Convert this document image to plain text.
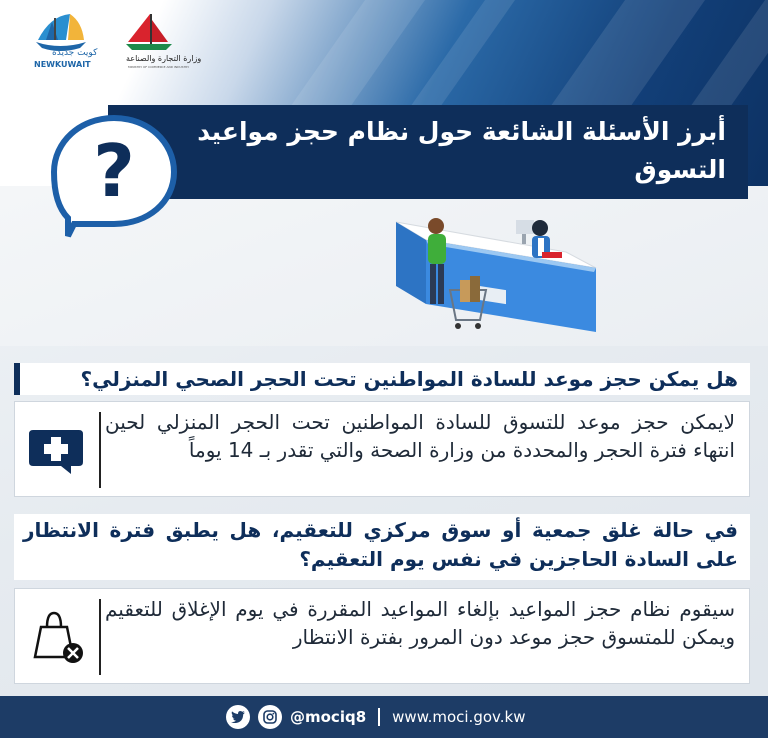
كويت جديدة
NEWKUWAIT
وزارة التجارة والصناعة
MINISTRY OF COMMERCE AND INDUSTRY
أبرز الأسئلة الشائعة حول نظام حجز مواعيد التسوق
?
هل يمكن حجز موعد للسادة المواطنين تحت الحجر الصحي المنزلي؟
لايمكن حجز موعد للتسوق للسادة المواطنين تحت الحجر المنزلي لحين انتهاء فترة الحجر والمحددة من وزارة الصحة والتي تقدر بـ 14 يوماً
في حالة غلق جمعية أو سوق مركزي للتعقيم، هل يطبق فترة الانتظار على السادة الحاجزين في نفس يوم التعقيم؟
سيقوم نظام حجز المواعيد بإلغاء المواعيد المقررة في يوم الإغلاق للتعقيم ويمكن للمتسوق حجز موعد دون المرور بفترة الانتظار
@mociq8 www.moci.gov.kw
